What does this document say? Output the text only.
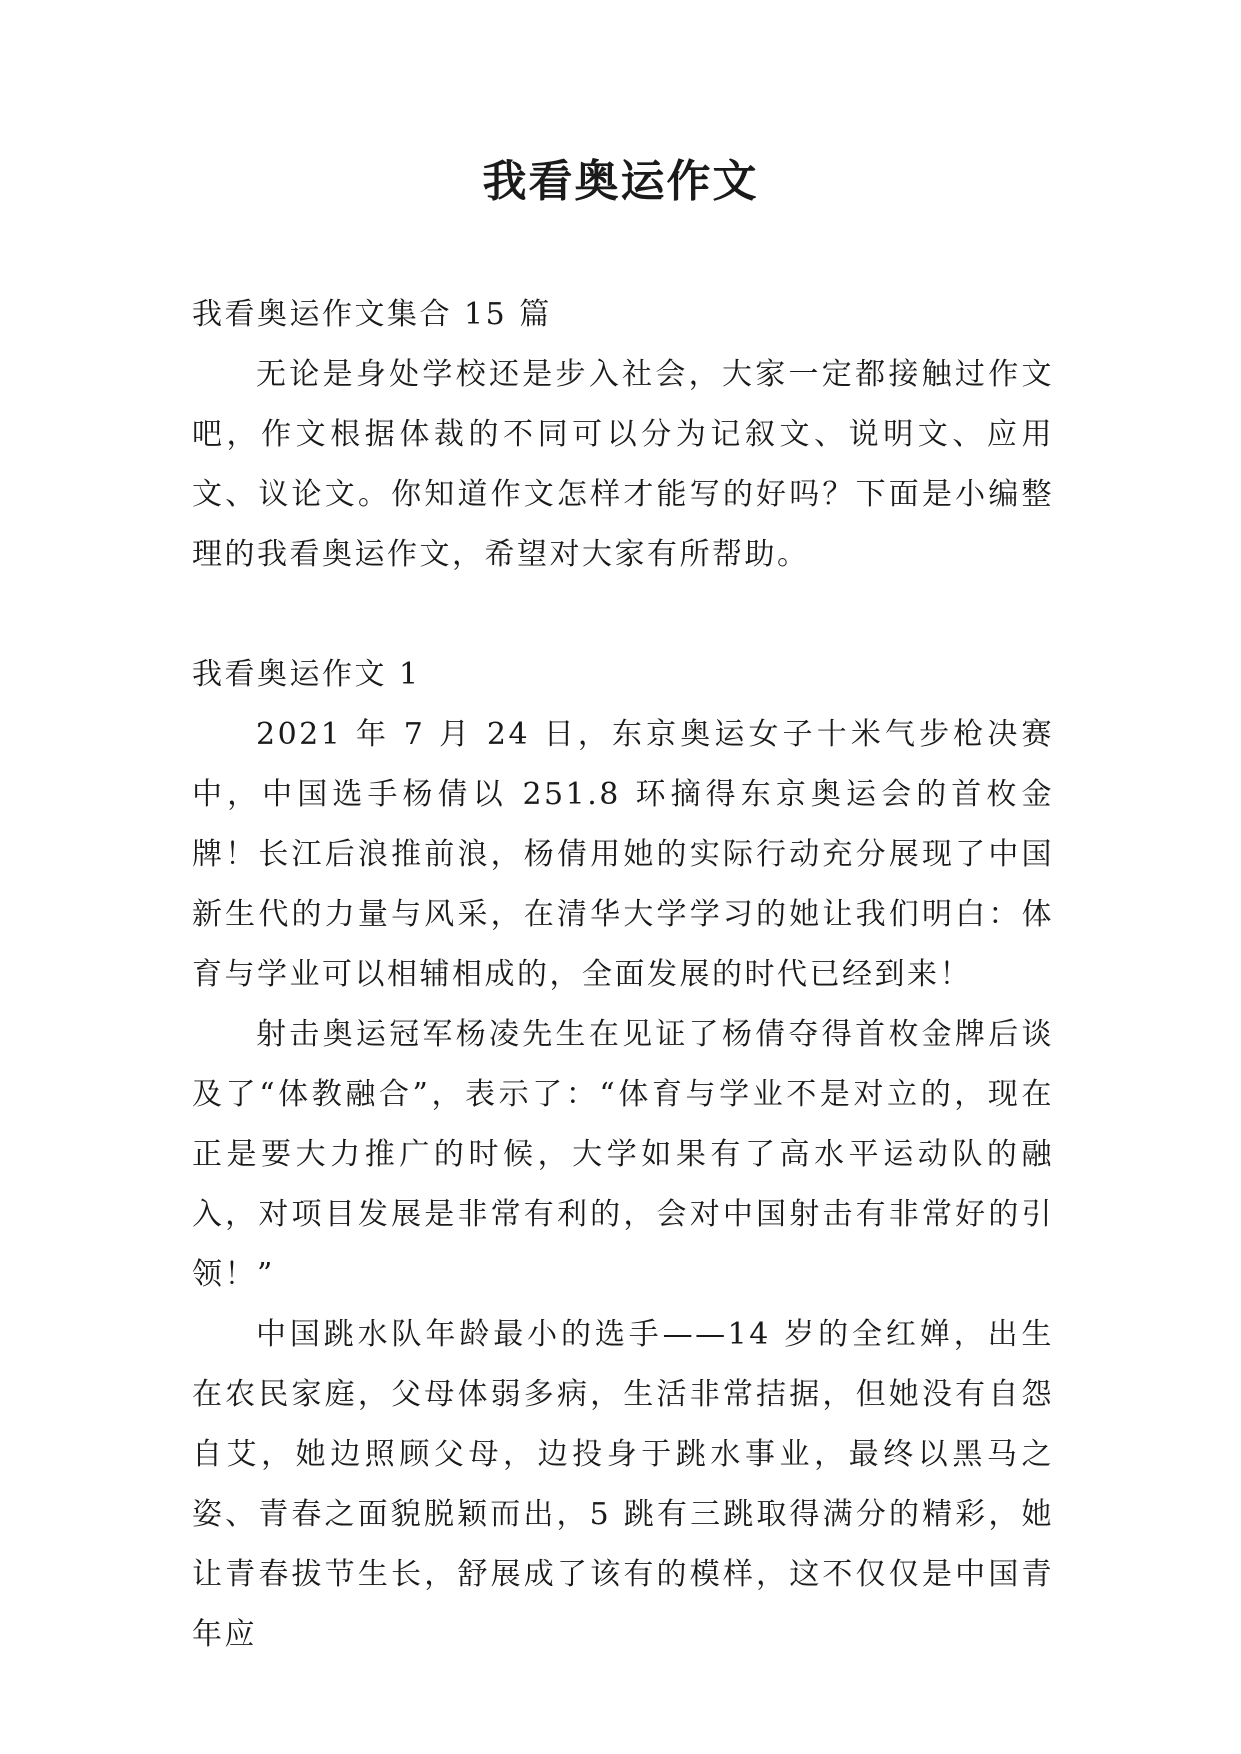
我看奥运作文

我看奥运作文集合 15 篇

无论是身处学校还是步入社会，大家一定都接触过作文吧，作文根据体裁的不同可以分为记叙文、说明文、应用文、议论文。你知道作文怎样才能写的好吗？下面是小编整理的我看奥运作文，希望对大家有所帮助。

我看奥运作文 1

2021 年 7 月 24 日，东京奥运女子十米气步枪决赛中，中国选手杨倩以 251.8 环摘得东京奥运会的首枚金牌！长江后浪推前浪，杨倩用她的实际行动充分展现了中国新生代的力量与风采，在清华大学学习的她让我们明白：体育与学业可以相辅相成的，全面发展的时代已经到来！

射击奥运冠军杨凌先生在见证了杨倩夺得首枚金牌后谈及了“体教融合”，表示了：“体育与学业不是对立的，现在正是要大力推广的时候，大学如果有了高水平运动队的融入，对项目发展是非常有利的，会对中国射击有非常好的引领！”

中国跳水队年龄最小的选手——14 岁的全红婵，出生在农民家庭，父母体弱多病，生活非常拮据，但她没有自怨自艾，她边照顾父母，边投身于跳水事业，最终以黑马之姿、青春之面貌脱颖而出，5 跳有三跳取得满分的精彩，她让青春拔节生长，舒展成了该有的模样，这不仅仅是中国青年应
